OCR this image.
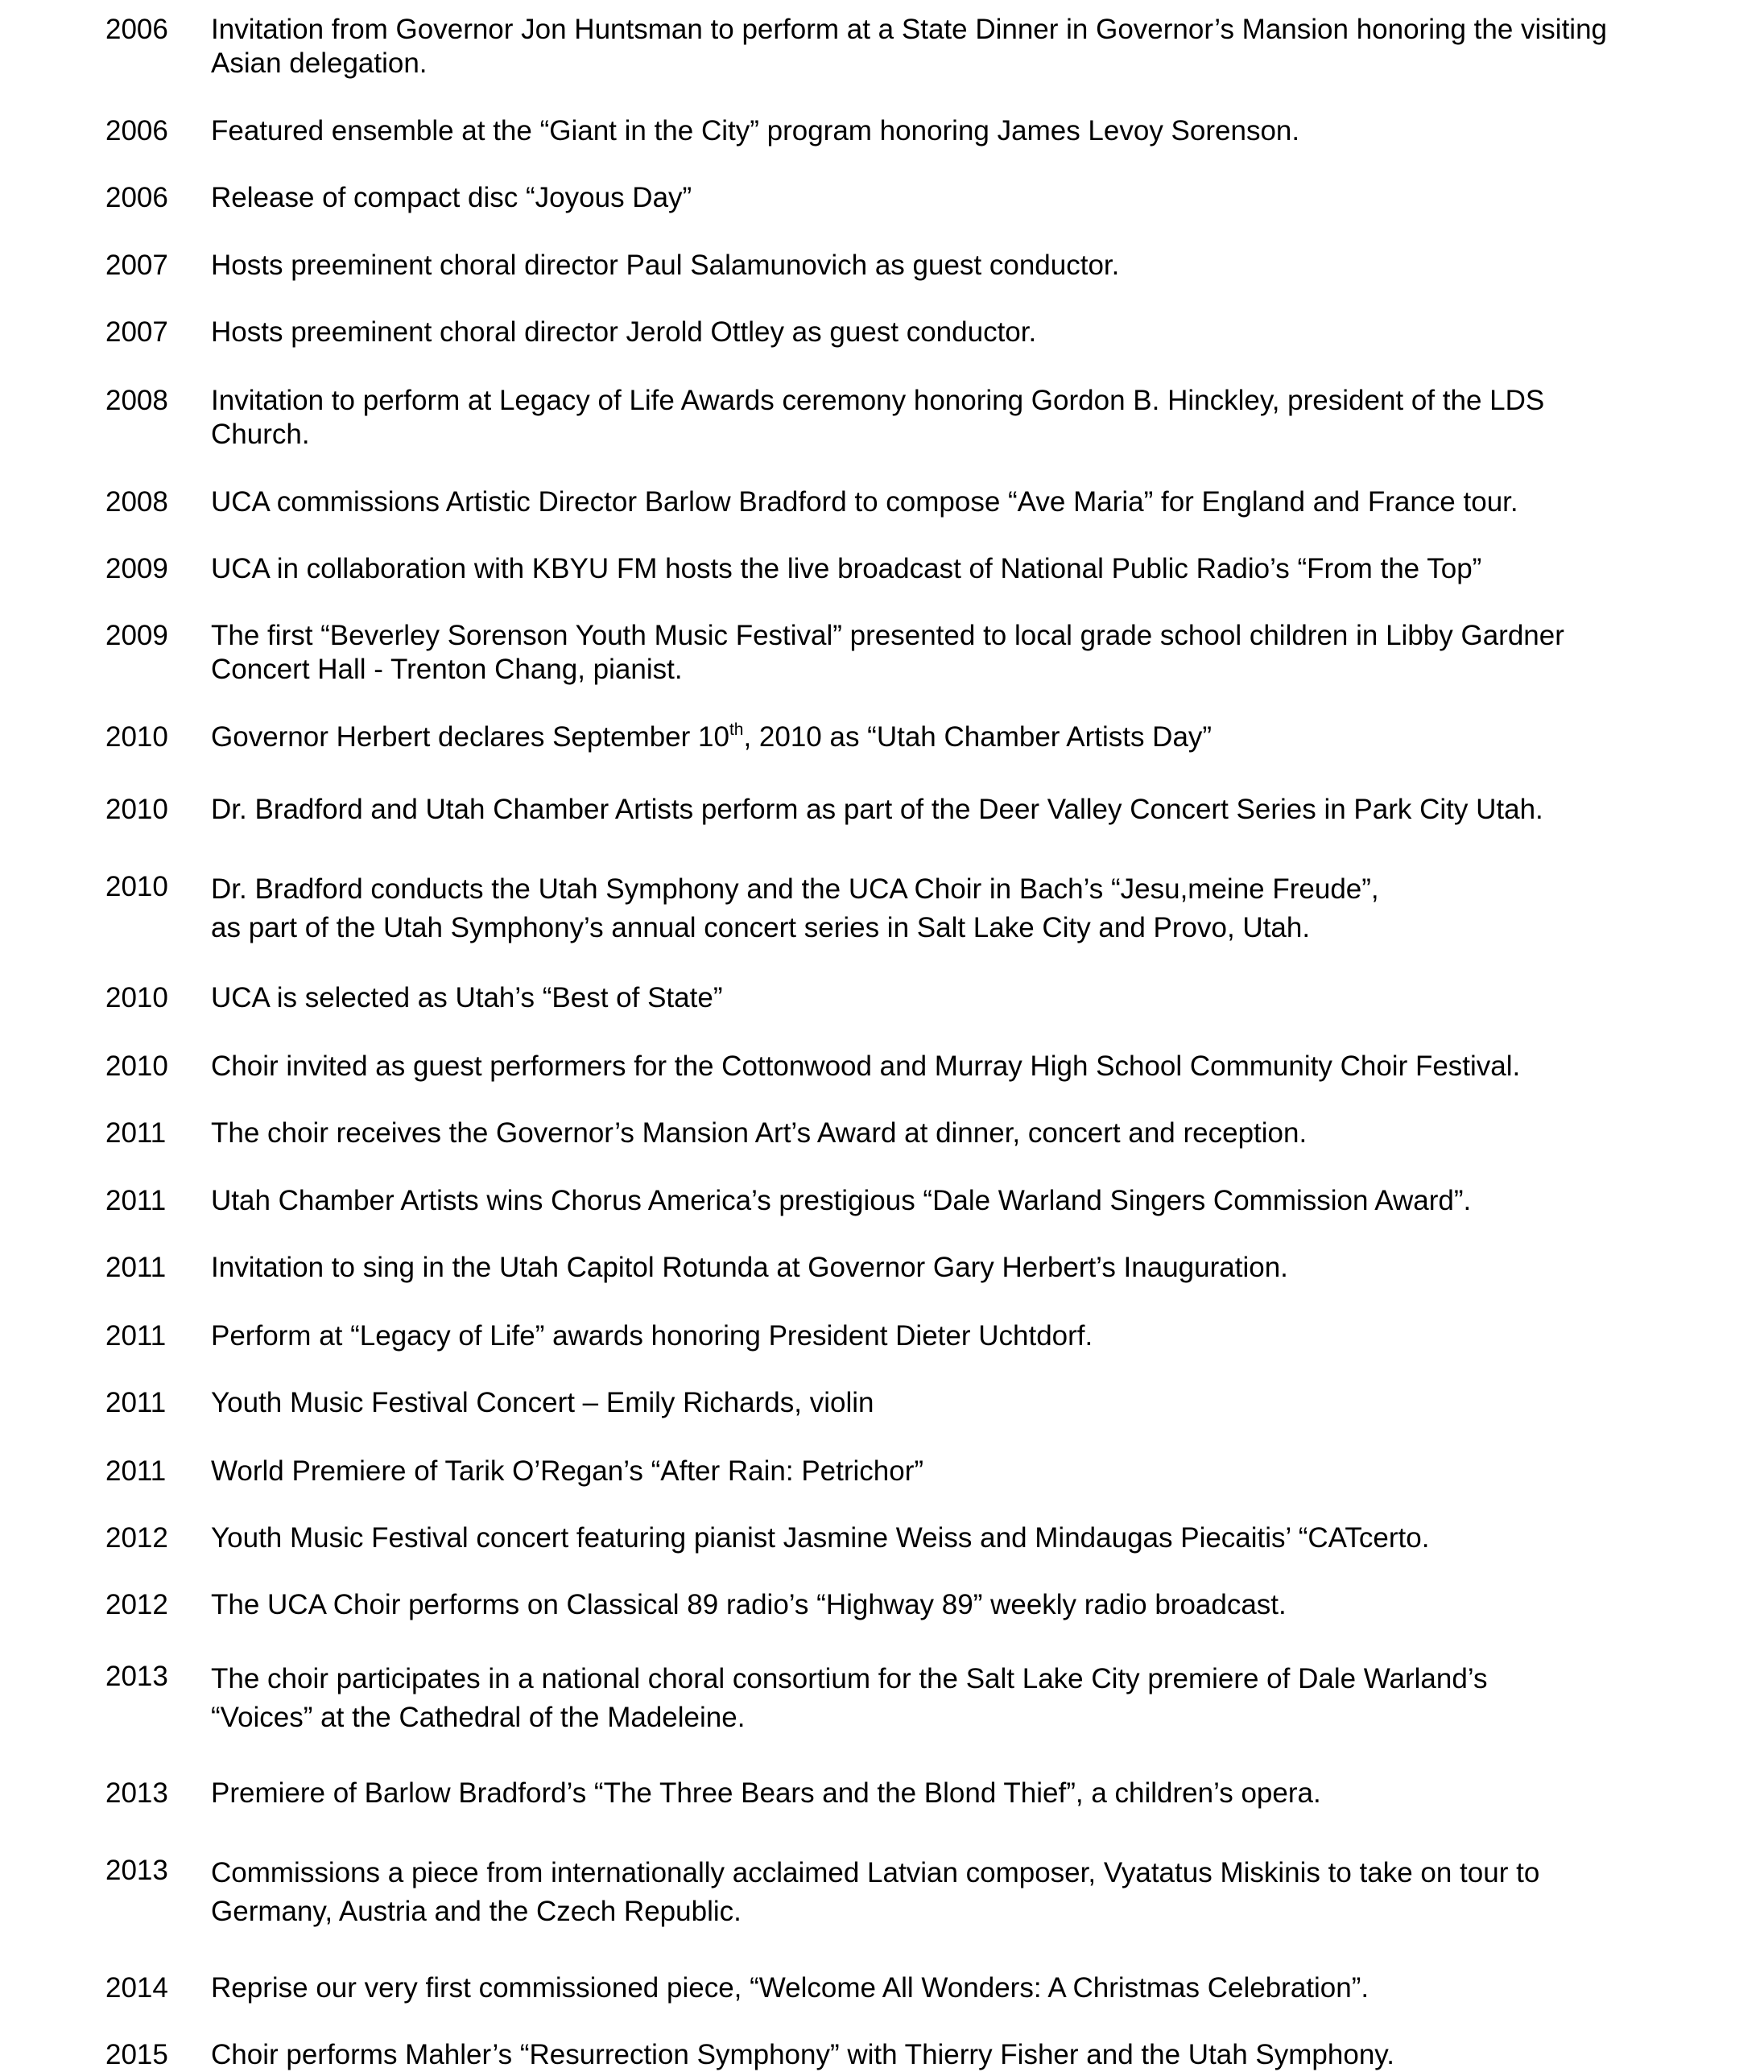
2006 Invitation from Governor Jon Huntsman to perform at a State Dinner in Governor’s Mansion honoring the visiting
Asian delegation.
2006 Featured ensemble at the “Giant in the City” program honoring James Levoy Sorenson.
2006 Release of compact disc “Joyous Day”
2007 Hosts preeminent choral director Paul Salamunovich as guest conductor.
2007 Hosts preeminent choral director Jerold Ottley as guest conductor.
2008 Invitation to perform at Legacy of Life Awards ceremony honoring Gordon B. Hinckley, president of the LDS
Church.
2008 UCA commissions Artistic Director Barlow Bradford to compose “Ave Maria” for England and France tour.
2009 UCA in collaboration with KBYU FM hosts the live broadcast of National Public Radio’s “From the Top”
2009 The first “Beverley Sorenson Youth Music Festival” presented to local grade school children in Libby Gardner
Concert Hall - Trenton Chang, pianist.
2010 Governor Herbert declares September 10th, 2010 as “Utah Chamber Artists Day”
2010 Dr. Bradford and Utah Chamber Artists perform as part of the Deer Valley Concert Series in Park City Utah.
2010 Dr. Bradford conducts the Utah Symphony and the UCA Choir in Bach’s “Jesu,meine Freude”,
as part of the Utah Symphony’s annual concert series in Salt Lake City and Provo, Utah.
2010 UCA is selected as Utah’s “Best of State”
2010 Choir invited as guest performers for the Cottonwood and Murray High School Community Choir Festival.
2011 The choir receives the Governor’s Mansion Art’s Award at dinner, concert and reception.
2011 Utah Chamber Artists wins Chorus America’s prestigious “Dale Warland Singers Commission Award”.
2011 Invitation to sing in the Utah Capitol Rotunda at Governor Gary Herbert’s Inauguration.
2011 Perform at “Legacy of Life” awards honoring President Dieter Uchtdorf.
2011 Youth Music Festival Concert – Emily Richards, violin
2011 World Premiere of Tarik O’Regan’s “After Rain: Petrichor”
2012 Youth Music Festival concert featuring pianist Jasmine Weiss and Mindaugas Piecaitis’ “CATcerto.
2012 The UCA Choir performs on Classical 89 radio’s “Highway 89” weekly radio broadcast.
2013 The choir participates in a national choral consortium for the Salt Lake City premiere of Dale Warland’s
“Voices” at the Cathedral of the Madeleine.
2013 Premiere of Barlow Bradford’s “The Three Bears and the Blond Thief”, a children’s opera.
2013 Commissions a piece from internationally acclaimed Latvian composer, Vyatatus Miskinis to take on tour to
Germany, Austria and the Czech Republic.
2014 Reprise our very first commissioned piece, “Welcome All Wonders: A Christmas Celebration”.
2015 Choir performs Mahler’s “Resurrection Symphony” with Thierry Fisher and the Utah Symphony.
